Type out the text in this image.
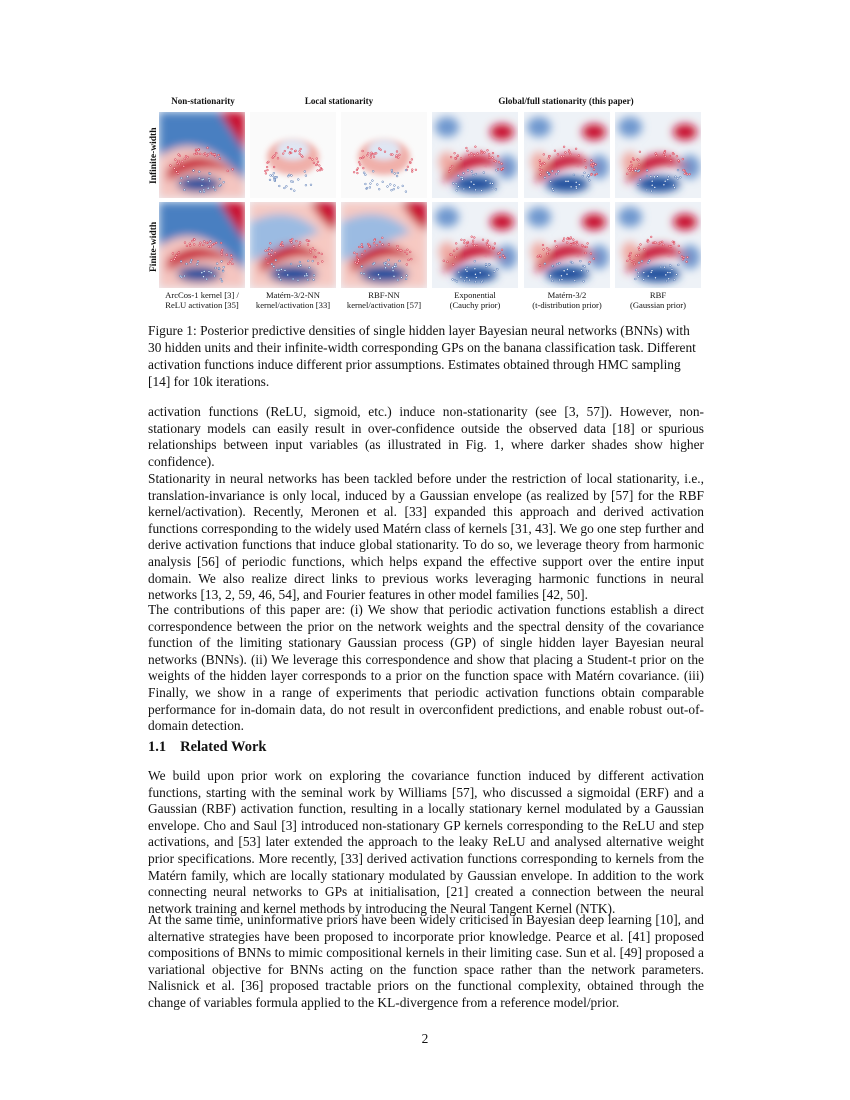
Non-stationarity	Local stationarity	Global/full stationarity (this paper)
Infinite-width
Finite-width
ArcCos-1 kernel [3] /
ReLU activation [35]
Matérn-3/2-NN
kernel/activation [33]
RBF-NN
kernel/activation [57]
Exponential
(Cauchy prior)
Matérn-3/2
(t-distribution prior)
RBF
(Gaussian prior)
Figure 1: Posterior predictive densities of single hidden layer Bayesian neural networks (BNNs) with 30 hidden units and their infinite-width corresponding GPs on the banana classification task. Different activation functions induce different prior assumptions. Estimates obtained through HMC sampling [14] for 10k iterations.
activation functions (ReLU, sigmoid, etc.) induce non-stationarity (see [3, 57]). However, non-stationary models can easily result in over-confidence outside the observed data [18] or spurious relationships between input variables (as illustrated in Fig. 1, where darker shades show higher confidence).
Stationarity in neural networks has been tackled before under the restriction of local stationarity, i.e., translation-invariance is only local, induced by a Gaussian envelope (as realized by [57] for the RBF kernel/activation). Recently, Meronen et al. [33] expanded this approach and derived activation functions corresponding to the widely used Matérn class of kernels [31, 43]. We go one step further and derive activation functions that induce global stationarity. To do so, we leverage theory from harmonic analysis [56] of periodic functions, which helps expand the effective support over the entire input domain. We also realize direct links to previous works leveraging harmonic functions in neural networks [13, 2, 59, 46, 54], and Fourier features in other model families [42, 50].
The contributions of this paper are: (i) We show that periodic activation functions establish a direct correspondence between the prior on the network weights and the spectral density of the covariance function of the limiting stationary Gaussian process (GP) of single hidden layer Bayesian neural networks (BNNs). (ii) We leverage this correspondence and show that placing a Student-t prior on the weights of the hidden layer corresponds to a prior on the function space with Matérn covariance. (iii) Finally, we show in a range of experiments that periodic activation functions obtain comparable performance for in-domain data, do not result in overconfident predictions, and enable robust out-of-domain detection.
1.1 Related Work
We build upon prior work on exploring the covariance function induced by different activation functions, starting with the seminal work by Williams [57], who discussed a sigmoidal (ERF) and a Gaussian (RBF) activation function, resulting in a locally stationary kernel modulated by a Gaussian envelope. Cho and Saul [3] introduced non-stationary GP kernels corresponding to the ReLU and step activations, and [53] later extended the approach to the leaky ReLU and analysed alternative weight prior specifications. More recently, [33] derived activation functions corresponding to kernels from the Matérn family, which are locally stationary modulated by Gaussian envelope. In addition to the work connecting neural networks to GPs at initialisation, [21] created a connection between the neural network training and kernel methods by introducing the Neural Tangent Kernel (NTK).
At the same time, uninformative priors have been widely criticised in Bayesian deep learning [10], and alternative strategies have been proposed to incorporate prior knowledge. Pearce et al. [41] proposed compositions of BNNs to mimic compositional kernels in their limiting case. Sun et al. [49] proposed a variational objective for BNNs acting on the function space rather than the network parameters. Nalisnick et al. [36] proposed tractable priors on the functional complexity, obtained through the change of variables formula applied to the KL-divergence from a reference model/prior.
2
